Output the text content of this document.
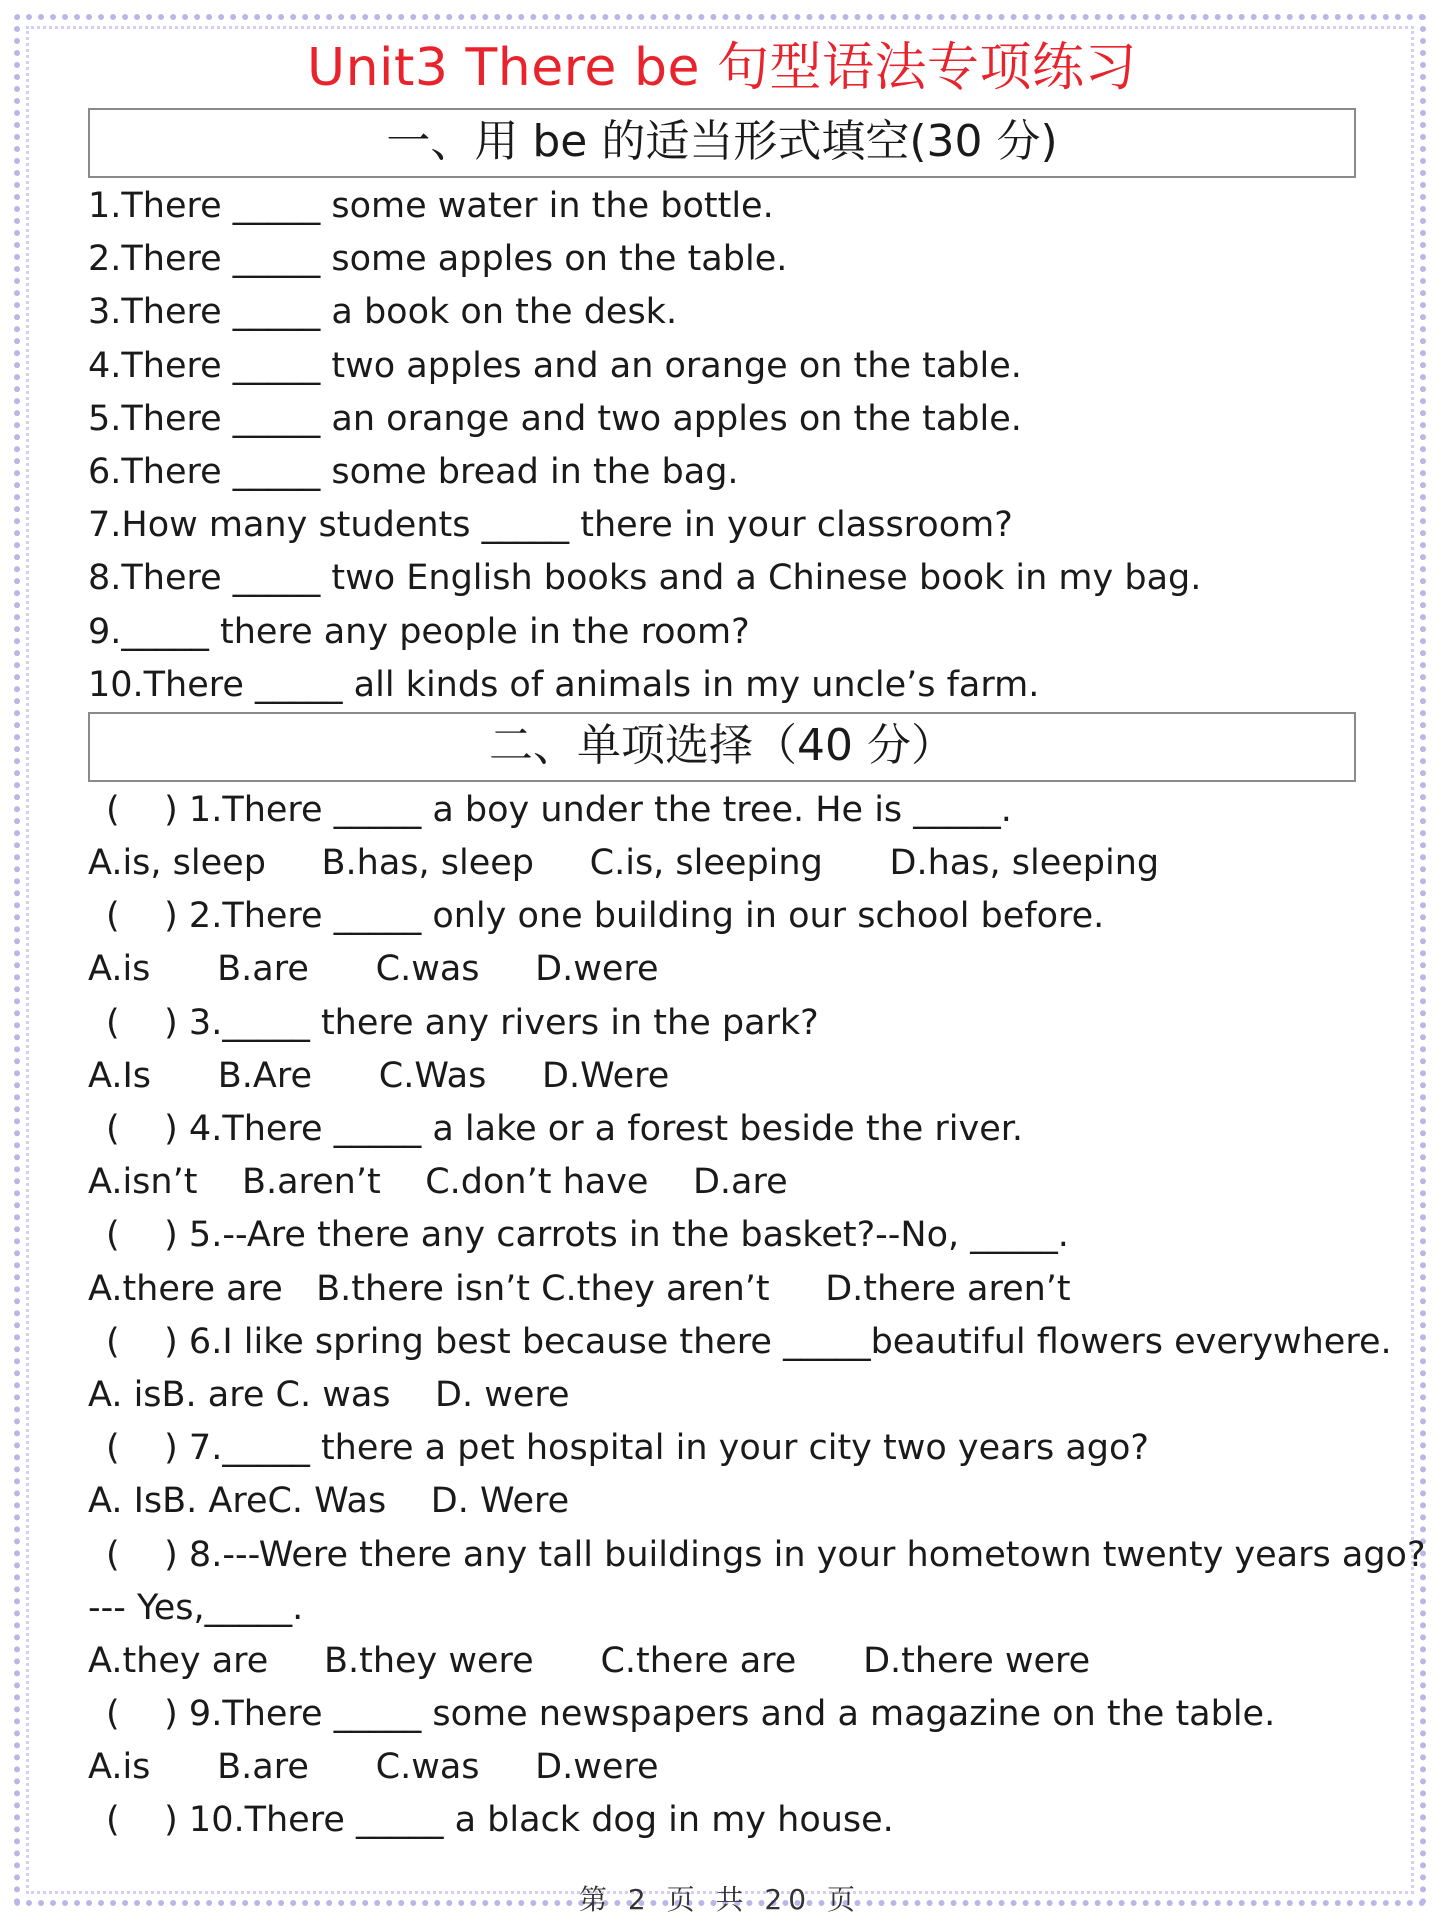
Unit3 There be 句型语法专项练习
一、用 be 的适当形式填空(30 分)
1.There _____ some water in the bottle.
2.There _____ some apples on the table.
3.There _____ a book on the desk.
4.There _____ two apples and an orange on the table.
5.There _____ an orange and two apples on the table.
6.There _____ some bread in the bag.
7.How many students _____ there in your classroom?
8.There _____ two English books and a Chinese book in my bag.
9._____ there any people in the room?
10.There _____ all kinds of animals in my uncle’s farm.
二、单项选择（40 分）
(    ) 1.There _____ a boy under the tree. He is _____.
A.is, sleep     B.has, sleep     C.is, sleeping      D.has, sleeping
(    ) 2.There _____ only one building in our school before.
A.is      B.are      C.was     D.were
(    ) 3._____ there any rivers in the park?
A.Is      B.Are      C.Was     D.Were
(    ) 4.There _____ a lake or a forest beside the river.
A.isn’t    B.aren’t    C.don’t have    D.are
(    ) 5.--Are there any carrots in the basket?--No, _____.
A.there are   B.there isn’t C.they aren’t     D.there aren’t
(    ) 6.I like spring best because there _____beautiful flowers everywhere.
A. isB. are C. was    D. were
(    ) 7._____ there a pet hospital in your city two years ago?
A. IsB. AreC. Was    D. Were
(    ) 8.---Were there any tall buildings in your hometown twenty years ago?
--- Yes,_____.
A.they are     B.they were      C.there are      D.there were
(    ) 9.There _____ some newspapers and a magazine on the table.
A.is      B.are      C.was     D.were
(    ) 10.There _____ a black dog in my house.
第 2 页 共 20 页
